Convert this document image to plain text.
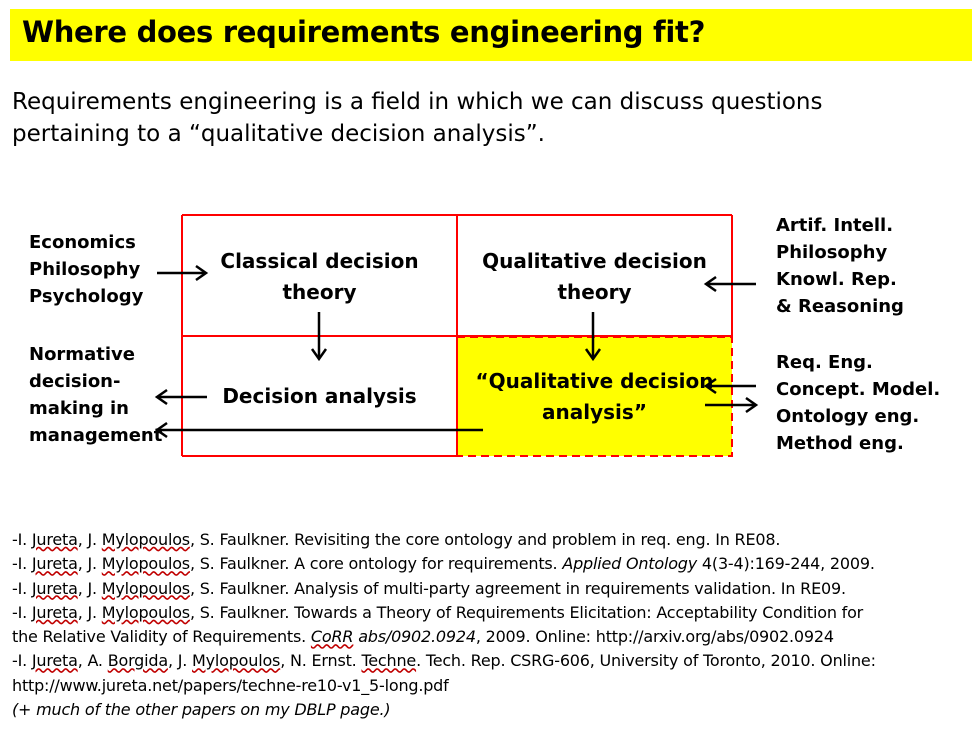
Where does requirements engineering fit?
Requirements engineering is a field in which we can discuss questions
pertaining to a “qualitative decision analysis”.
Classical decision
theory
Qualitative decision
theory
Decision analysis
“Qualitative decision
analysis”
Economics
Philosophy
Psychology
Normative
decision-
making in
management
Artif. Intell.
Philosophy
Knowl. Rep.
& Reasoning
Req. Eng.
Concept. Model.
Ontology eng.
Method eng.
-I. Jureta, J. Mylopoulos, S. Faulkner. Revisiting the core ontology and problem in req. eng. In RE08.
-I. Jureta, J. Mylopoulos, S. Faulkner. A core ontology for requirements. Applied Ontology 4(3-4):169-244, 2009.
-I. Jureta, J. Mylopoulos, S. Faulkner. Analysis of multi-party agreement in requirements validation. In RE09.
-I. Jureta, J. Mylopoulos, S. Faulkner. Towards a Theory of Requirements Elicitation: Acceptability Condition for
the Relative Validity of Requirements. CoRR abs/0902.0924, 2009. Online: http://arxiv.org/abs/0902.0924
-I. Jureta, A. Borgida, J. Mylopoulos, N. Ernst. Techne. Tech. Rep. CSRG-606, University of Toronto, 2010. Online:
http://www.jureta.net/papers/techne-re10-v1_5-long.pdf
(+ much of the other papers on my DBLP page.)
